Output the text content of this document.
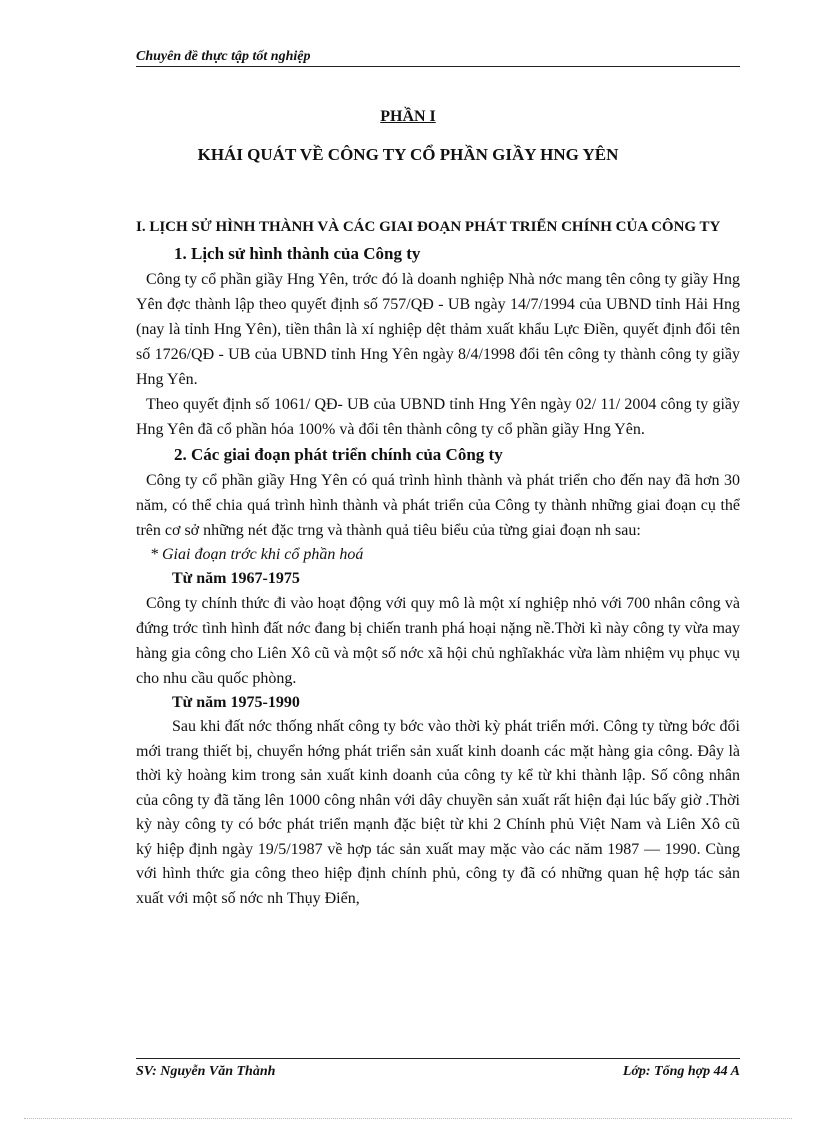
Chuyên đề thực tập tốt nghiệp
PHẦN I
KHÁI QUÁT VỀ CÔNG TY CỔ PHẦN GIẦY HNG YÊN

I. LỊCH SỬ HÌNH THÀNH VÀ CÁC GIAI ĐOẠN PHÁT TRIỂN CHÍNH CỦA CÔNG TY

1. Lịch sử hình thành của Công ty

Công ty cổ phần giầy Hng Yên, trớc đó là doanh nghiệp Nhà nớc mang tên công ty giầy Hng Yên đợc thành lập theo quyết định số 757/QĐ - UB ngày 14/7/1994 của UBND tỉnh Hải Hng (nay là tỉnh Hng Yên), tiền thân là xí nghiệp dệt thảm xuất khẩu Lực Điền, quyết định đổi tên số 1726/QĐ - UB của UBND tỉnh Hng Yên ngày 8/4/1998 đổi tên công ty thành công ty giầy Hng Yên.

Theo quyết định số 1061/ QĐ- UB của UBND tỉnh Hng Yên ngày 02/ 11/ 2004 công ty giầy Hng Yên đã cổ phần hóa 100% và đổi tên thành công ty cổ phần giầy Hng Yên.

2. Các giai đoạn phát triển chính của Công ty

Công ty cổ phần giầy Hng Yên có quá trình hình thành và phát triển cho đến nay đã hơn 30 năm, có thể chia quá trình hình thành và phát triển của Công ty thành những giai đoạn cụ thể trên cơ sở những nét đặc trng và thành quả tiêu biểu của từng giai đoạn nh sau:

* Giai đoạn trớc khi cổ phần hoá

Từ năm 1967-1975

Công ty chính thức đi vào hoạt động với quy mô là một xí nghiệp nhỏ với 700 nhân công và đứng trớc tình hình đất nớc đang bị chiến tranh phá hoại nặng nề.Thời kì này công ty vừa may hàng gia công cho Liên Xô cũ và một số nớc xã hội chủ nghĩakhác vừa làm nhiệm vụ phục vụ cho nhu cầu quốc phòng.

Từ năm 1975-1990

Sau khi đất nớc thống nhất công ty bớc vào thời kỳ phát triển mới. Công ty từng bớc đổi mới trang thiết bị, chuyển hớng phát triển sản xuất kinh doanh các mặt hàng gia công. Đây là thời kỳ hoàng kim trong sản xuất kinh doanh của công ty kể từ khi thành lập. Số công nhân của công ty đã tăng lên 1000 công nhân với dây chuyền sản xuất rất hiện đại lúc bấy giờ .Thời kỳ này công ty có bớc phát triển mạnh đặc biệt từ khi 2 Chính phủ Việt Nam và Liên Xô cũ ký hiệp định ngày 19/5/1987 về hợp tác sản xuất may mặc vào các năm 1987 — 1990. Cùng với hình thức gia công theo hiệp định chính phủ, công ty đã có những quan hệ hợp tác sản xuất với một số nớc nh Thụy Điển,

SV: Nguyễn Văn Thành	Lớp: Tổng hợp 44 A
